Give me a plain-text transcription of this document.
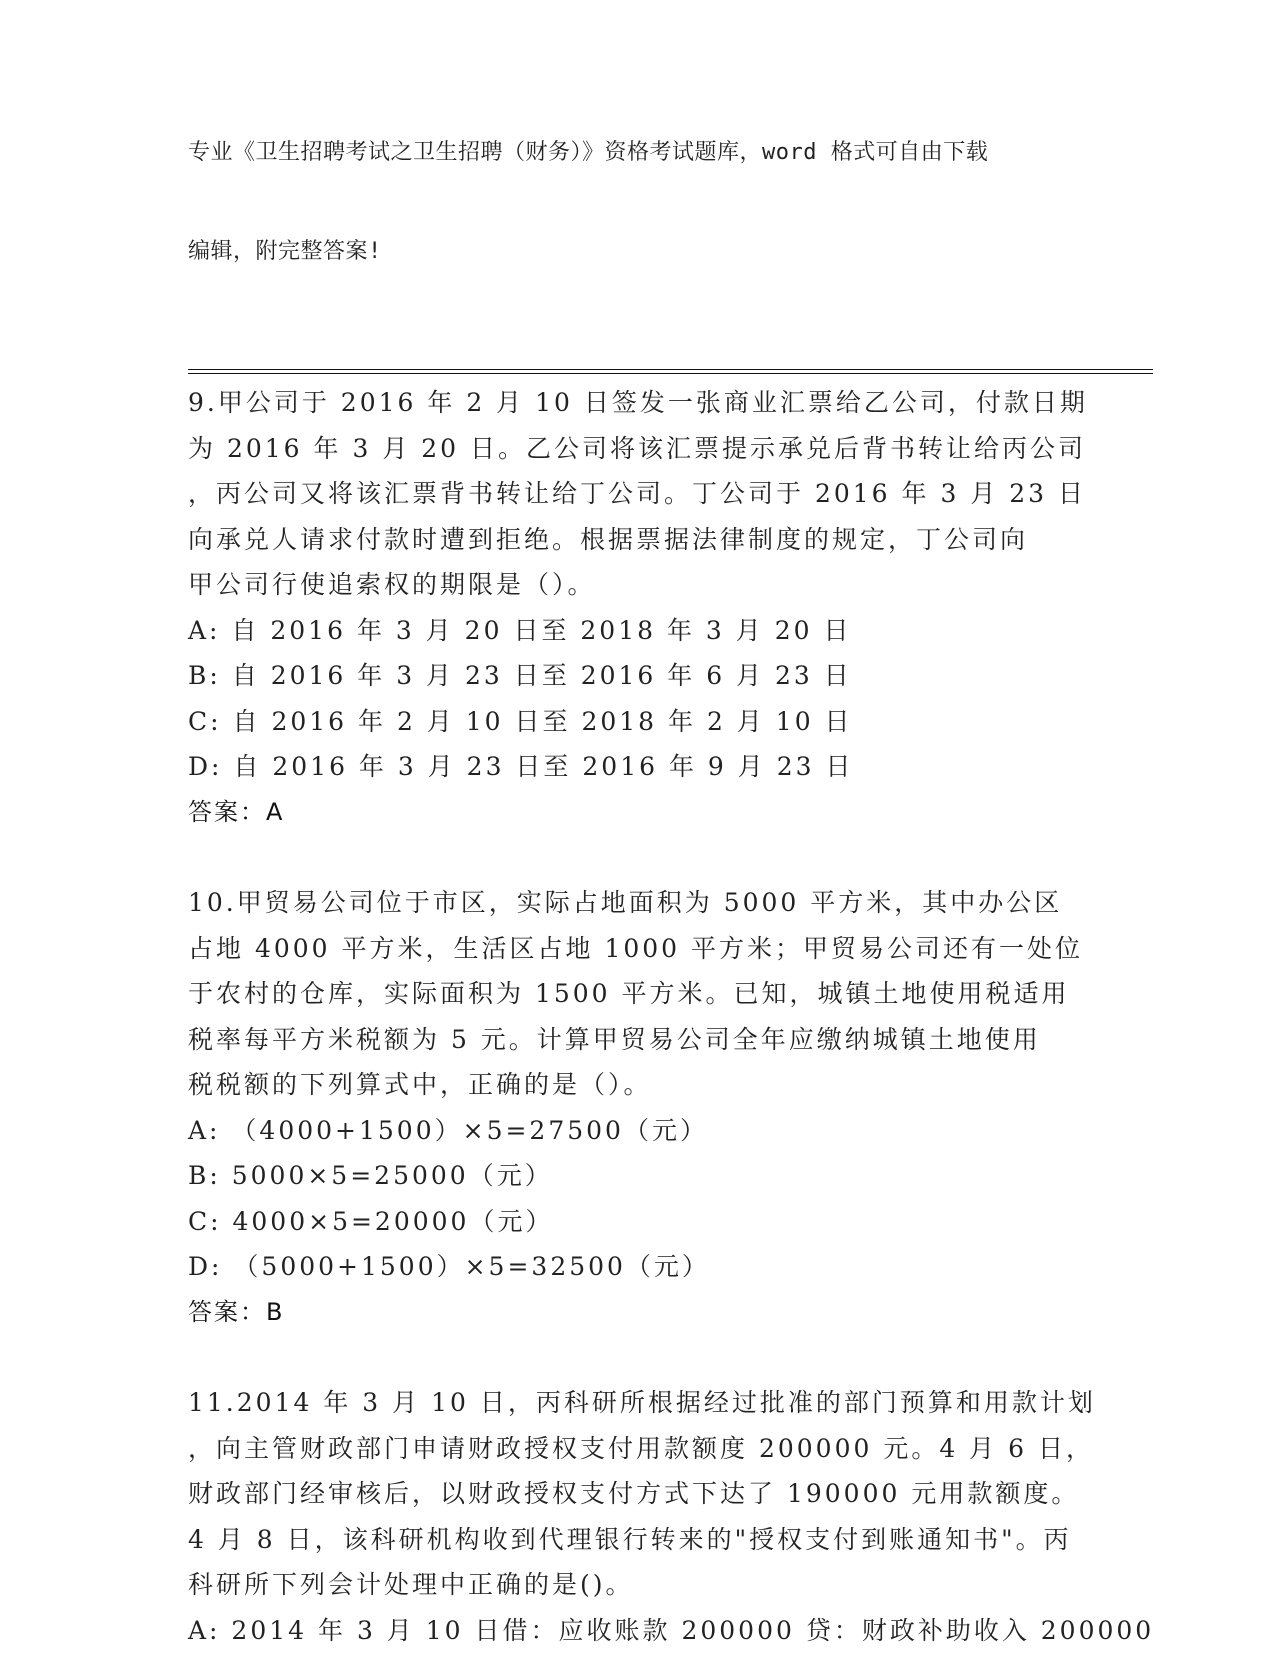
专业《卫生招聘考试之卫生招聘（财务）》资格考试题库，word 格式可自由下载

编辑，附完整答案!

9.甲公司于 2016 年 2 月 10 日签发一张商业汇票给乙公司，付款日期
为 2016 年 3 月 20 日。乙公司将该汇票提示承兑后背书转让给丙公司
，丙公司又将该汇票背书转让给丁公司。丁公司于 2016 年 3 月 23 日
向承兑人请求付款时遭到拒绝。根据票据法律制度的规定，丁公司向
甲公司行使追索权的期限是（）。
A: 自 2016 年 3 月 20 日至 2018 年 3 月 20 日
B: 自 2016 年 3 月 23 日至 2016 年 6 月 23 日
C: 自 2016 年 2 月 10 日至 2018 年 2 月 10 日
D: 自 2016 年 3 月 23 日至 2016 年 9 月 23 日
答案：A
10.甲贸易公司位于市区，实际占地面积为 5000 平方米，其中办公区
占地 4000 平方米，生活区占地 1000 平方米；甲贸易公司还有一处位
于农村的仓库，实际面积为 1500 平方米。已知，城镇土地使用税适用
税率每平方米税额为 5 元。计算甲贸易公司全年应缴纳城镇土地使用
税税额的下列算式中，正确的是（）。
A: （4000+1500）×5=27500（元）
B: 5000×5=25000（元）
C: 4000×5=20000（元）
D: （5000+1500）×5=32500（元）
答案：B
11.2014 年 3 月 10 日，丙科研所根据经过批准的部门预算和用款计划
，向主管财政部门申请财政授权支付用款额度 200000 元。4 月 6 日，
财政部门经审核后，以财政授权支付方式下达了 190000 元用款额度。
4 月 8 日，该科研机构收到代理银行转来的"授权支付到账通知书"。丙
科研所下列会计处理中正确的是()。
A: 2014 年 3 月 10 日借：应收账款 200000 贷：财政补助收入 200000
